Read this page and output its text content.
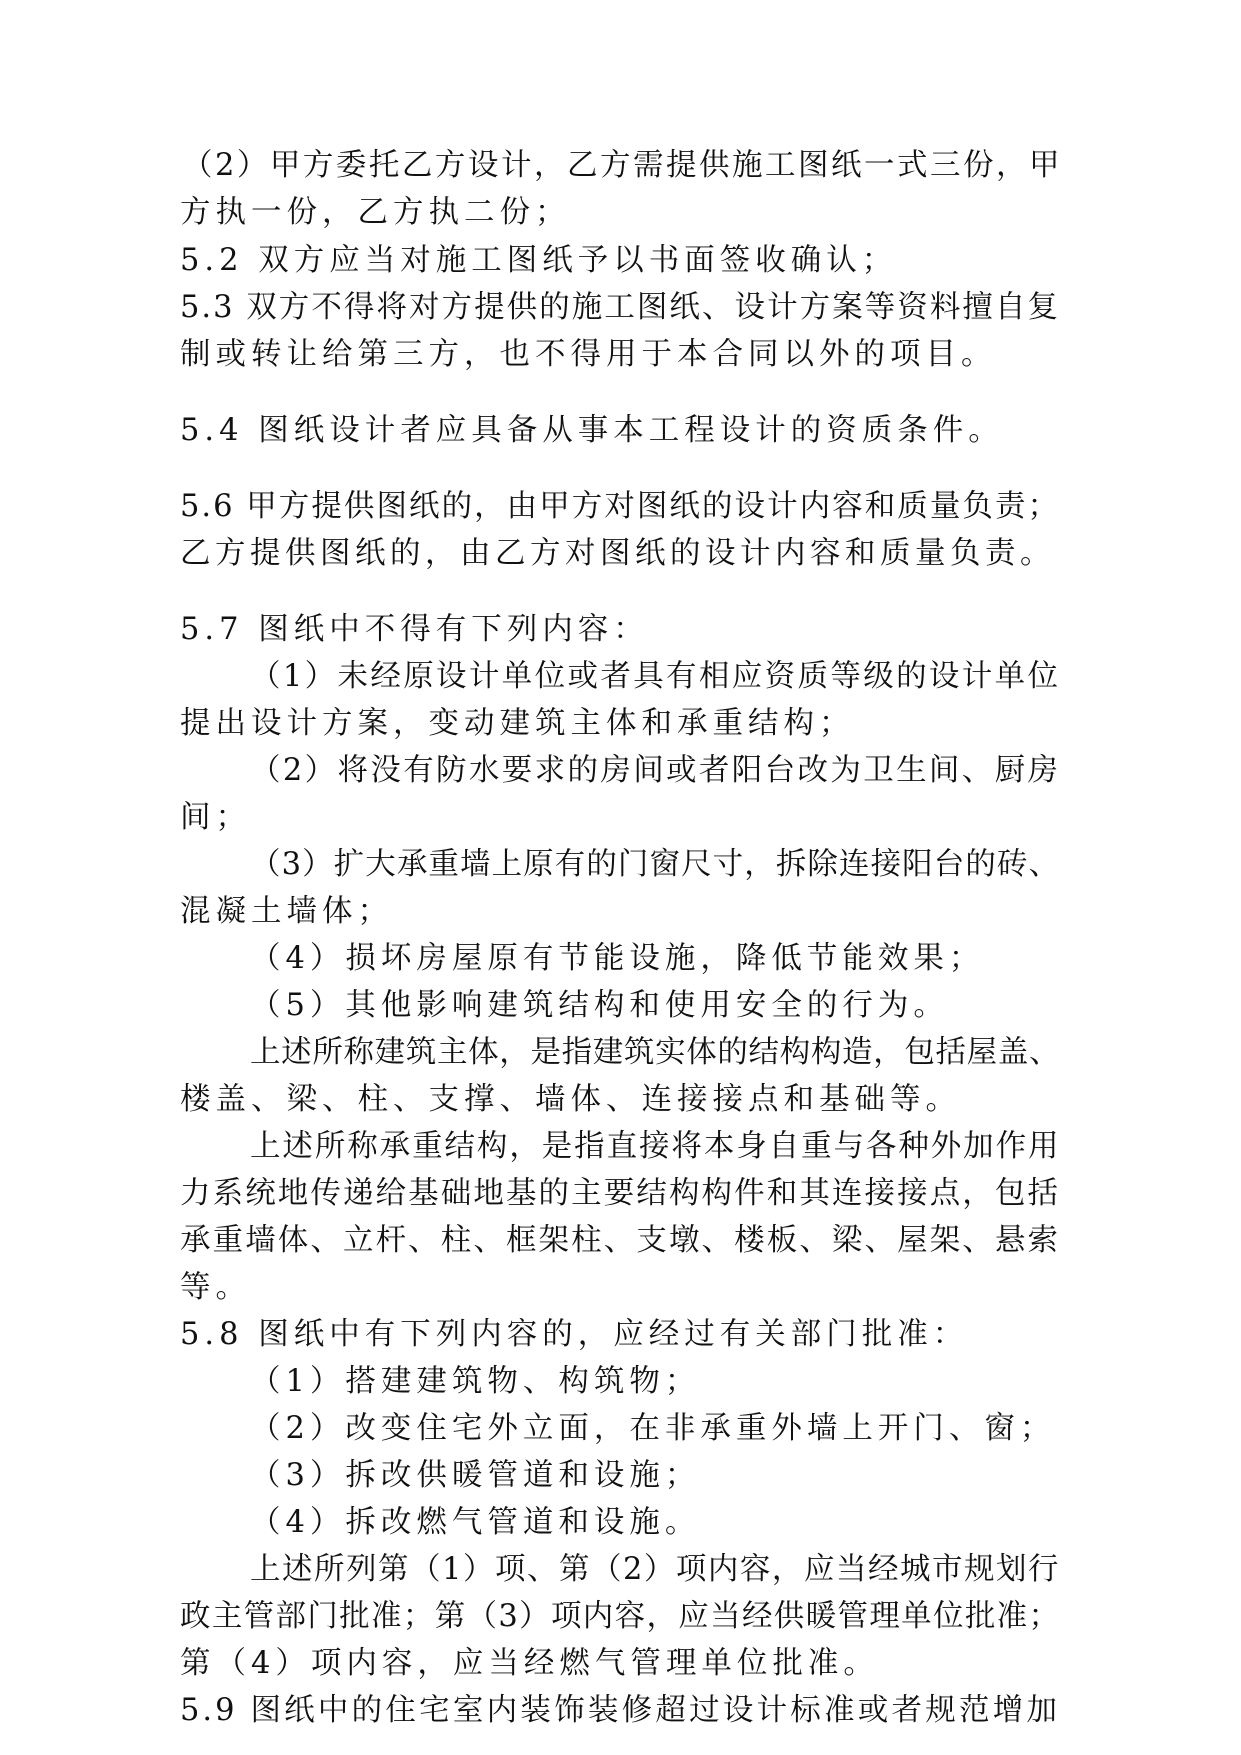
（2）甲方委托乙方设计，乙方需提供施工图纸一式三份，甲
方执一份，乙方执二份；
5.2 双方应当对施工图纸予以书面签收确认；
5.3 双方不得将对方提供的施工图纸、设计方案等资料擅自复
制或转让给第三方，也不得用于本合同以外的项目。
5.4 图纸设计者应具备从事本工程设计的资质条件。
5.6 甲方提供图纸的，由甲方对图纸的设计内容和质量负责；
乙方提供图纸的，由乙方对图纸的设计内容和质量负责。
5.7 图纸中不得有下列内容：
（1）未经原设计单位或者具有相应资质等级的设计单位
提出设计方案，变动建筑主体和承重结构；
（2）将没有防水要求的房间或者阳台改为卫生间、厨房
间；
（3）扩大承重墙上原有的门窗尺寸，拆除连接阳台的砖、
混凝土墙体；
（4）损坏房屋原有节能设施，降低节能效果；
（5）其他影响建筑结构和使用安全的行为。
上述所称建筑主体，是指建筑实体的结构构造，包括屋盖、
楼盖、梁、柱、支撑、墙体、连接接点和基础等。
上述所称承重结构，是指直接将本身自重与各种外加作用
力系统地传递给基础地基的主要结构构件和其连接接点，包括
承重墙体、立杆、柱、框架柱、支墩、楼板、梁、屋架、悬索
等。
5.8 图纸中有下列内容的，应经过有关部门批准：
（1）搭建建筑物、构筑物；
（2）改变住宅外立面，在非承重外墙上开门、窗；
（3）拆改供暖管道和设施；
（4）拆改燃气管道和设施。
上述所列第（1）项、第（2）项内容，应当经城市规划行
政主管部门批准；第（3）项内容，应当经供暖管理单位批准；
第（4）项内容，应当经燃气管理单位批准。
5.9 图纸中的住宅室内装饰装修超过设计标准或者规范增加
